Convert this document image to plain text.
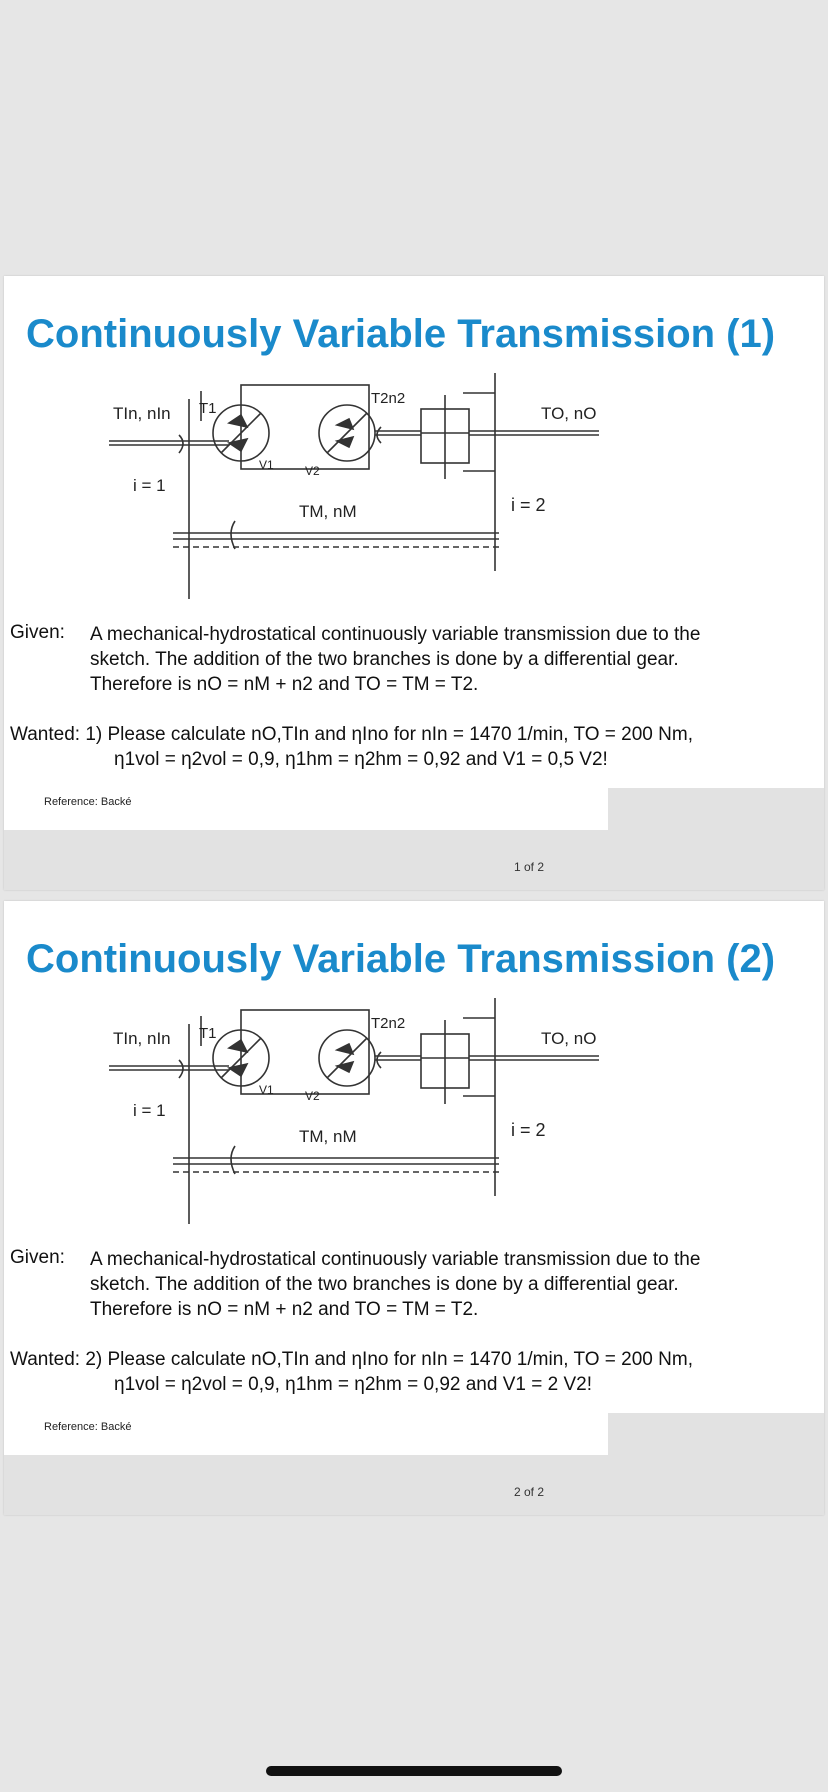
Continuously Variable Transmission (1)
TIn, nIn T1
T2n2
TO, nO
V1	V2
TM, nM
i = 1
i = 2
Given: A mechanical-hydrostatical continuously variable transmission due to the
sketch. The addition of the two branches is done by a differential gear.
Therefore is nO = nM + n2 and TO = TM = T2.
Wanted: 1) Please calculate nO,TIn and ηIno for nIn = 1470 1/min, TO = 200 Nm,
η1vol = η2vol = 0,9, η1hm = η2hm = 0,92 and V1 = 0,5 V2!
Reference: Backé
1 of 2
Continuously Variable Transmission (2)
TIn, nIn T1
T2n2
TO, nO
V1	V2
TM, nM
i = 1
i = 2
Given: A mechanical-hydrostatical continuously variable transmission due to the
sketch. The addition of the two branches is done by a differential gear.
Therefore is nO = nM + n2 and TO = TM = T2.
Wanted: 2) Please calculate nO,TIn and ηIno for nIn = 1470 1/min, TO = 200 Nm,
η1vol = η2vol = 0,9, η1hm = η2hm = 0,92 and V1 = 2 V2!
Reference: Backé
2 of 2
